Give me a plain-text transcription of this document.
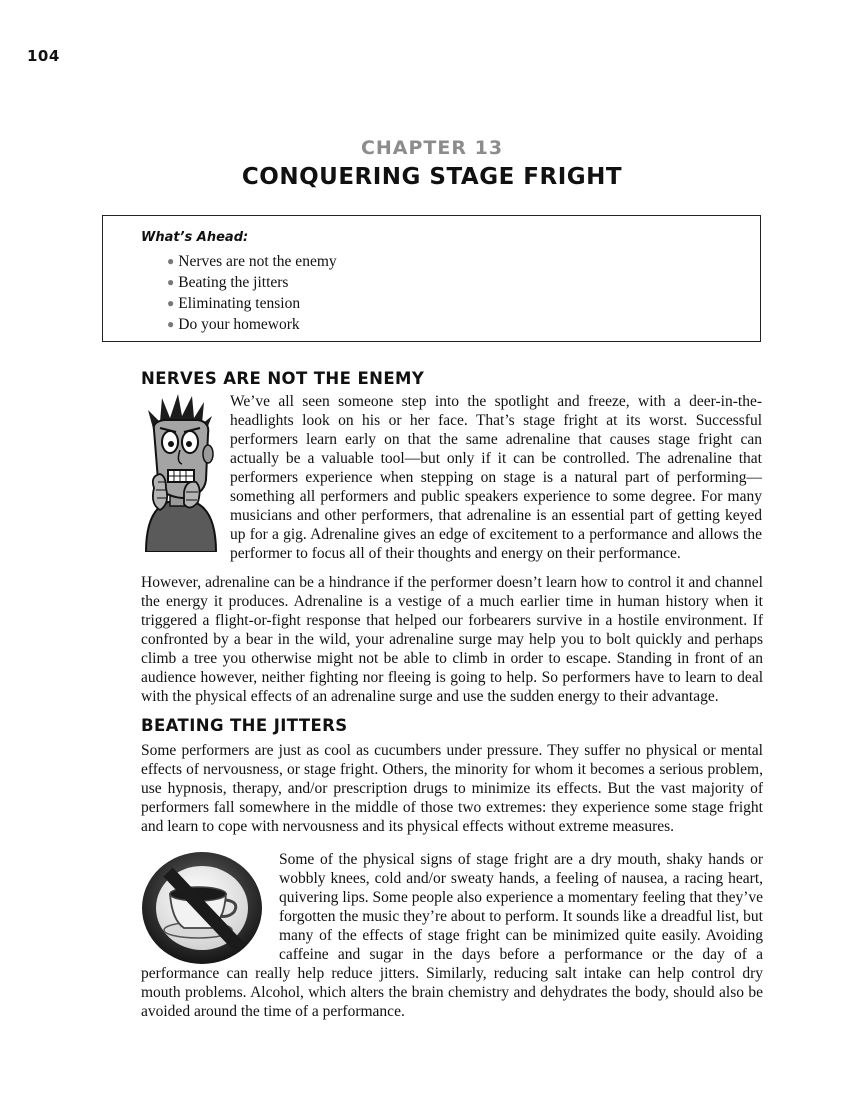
104
CHAPTER 13
CONQUERING STAGE FRIGHT
What’s Ahead:
● Nerves are not the enemy
● Beating the jitters
● Eliminating tension
● Do your homework
NERVES ARE NOT THE ENEMY
We’ve all seen someone step into the spotlight and freeze, with a deer-in-the-headlights look on his or her face. That’s stage fright at its worst. Successful performers learn early on that the same adrenaline that causes stage fright can actually be a valuable tool—but only if it can be controlled. The adrenaline that performers experience when stepping on stage is a natural part of performing—something all performers and public speakers experience to some degree. For many musicians and other performers, that adrenaline is an essential part of getting keyed up for a gig. Adrenaline gives an edge of excitement to a performance and allows the performer to focus all of their thoughts and energy on their performance.
However, adrenaline can be a hindrance if the performer doesn’t learn how to control it and channel the energy it produces. Adrenaline is a vestige of a much earlier time in human history when it triggered a flight-or-fight response that helped our forbearers survive in a hostile environment. If confronted by a bear in the wild, your adrenaline surge may help you to bolt quickly and perhaps climb a tree you otherwise might not be able to climb in order to escape. Standing in front of an audience however, neither fighting nor fleeing is going to help. So performers have to learn to deal with the physical effects of an adrenaline surge and use the sudden energy to their advantage.
BEATING THE JITTERS
Some performers are just as cool as cucumbers under pressure. They suffer no physical or mental effects of nervousness, or stage fright. Others, the minority for whom it becomes a serious problem, use hypnosis, therapy, and/or prescription drugs to minimize its effects. But the vast majority of performers fall somewhere in the middle of those two extremes: they experience some stage fright and learn to cope with nervousness and its physical effects without extreme measures.
Some of the physical signs of stage fright are a dry mouth, shaky hands or wobbly knees, cold and/or sweaty hands, a feeling of nausea, a racing heart, quivering lips. Some people also experience a momentary feeling that they’ve forgotten the music they’re about to perform. It sounds like a dreadful list, but many of the effects of stage fright can be minimized quite easily. Avoiding caffeine and sugar in the days before a performance or the day of a performance can really help reduce jitters. Similarly, reducing salt intake can help control dry mouth problems. Alcohol, which alters the brain chemistry and dehydrates the body, should also be avoided around the time of a performance.
